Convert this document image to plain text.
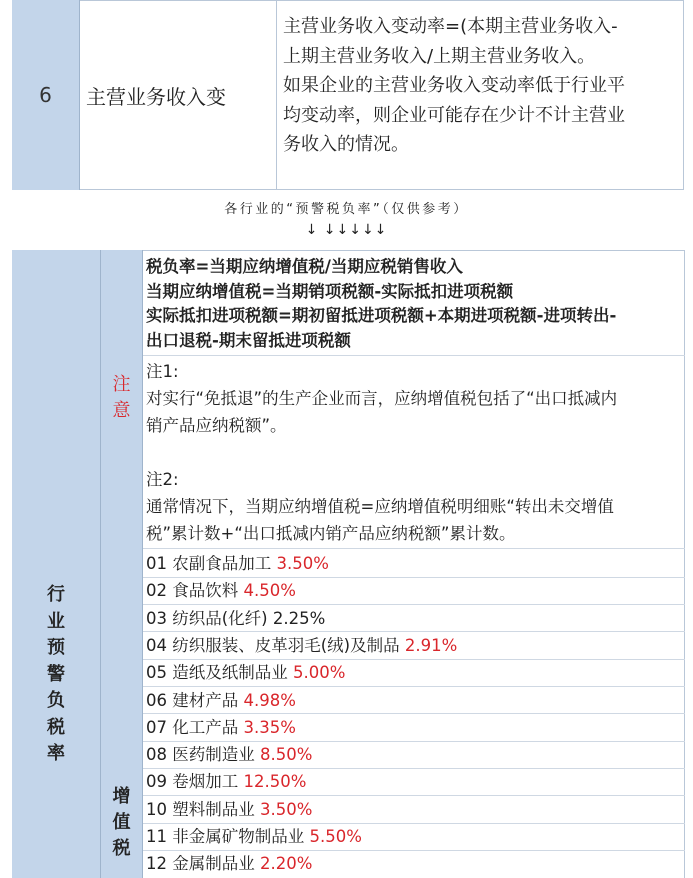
6 主营业务收入变

主营业务收入变动率=(本期主营业务收入-

上期主营业务收入/上期主营业务收入。

如果企业的主营业务收入变动率低于行业平

均变动率，则企业可能存在少计不计主营业

务收入的情况。

各行业的“预警税负率”（仅供参考）
↓ ↓↓↓↓↓
行
业
预
警
负
税
率
注
意
增
值
税
税负率=当期应纳增值税/当期应税销售收入
当期应纳增值税=当期销项税额-实际抵扣进项税额
实际抵扣进项税额=期初留抵进项税额+本期进项税额-进项转出-
出口退税-期末留抵进项税额
注1:
对实行“免抵退”的生产企业而言，应纳增值税包括了“出口抵减内
销产品应纳税额”。
注2:
通常情况下，当期应纳增值税=应纳增值税明细账“转出未交增值
税”累计数+“出口抵减内销产品应纳税额”累计数。
01 农副食品加工 3.50%
02 食品饮料 4.50%
03 纺织品(化纤) 2.25%
04 纺织服装、皮革羽毛(绒)及制品 2.91%
05 造纸及纸制品业 5.00%
06 建材产品 4.98%
07 化工产品 3.35%
08 医药制造业 8.50%
09 卷烟加工 12.50%
10 塑料制品业 3.50%
11 非金属矿物制品业 5.50%
12 金属制品业 2.20%
